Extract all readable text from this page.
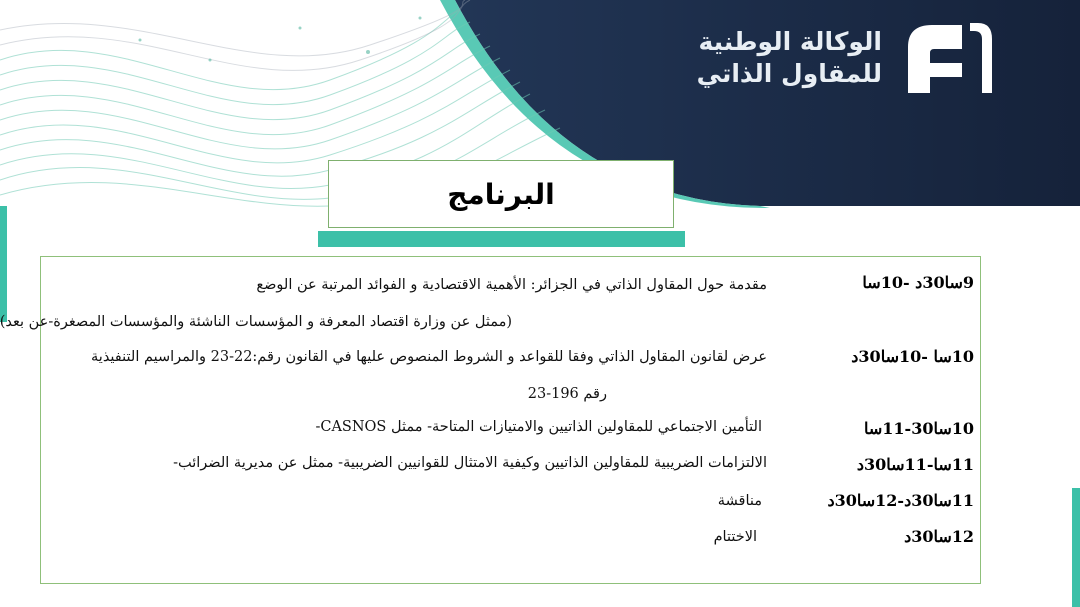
الوكالة الوطنية
للمقاول الذاتي
البرنامج
9سا30د -10سا
مقدمة حول المقاول الذاتي في الجزائر: الأهمية الاقتصادية و الفوائد المرتبة عن الوضع
(ممثل عن وزارة اقتصاد المعرفة و المؤسسات الناشئة والمؤسسات المصغرة-عن بعد)
10سا -10سا30د
عرض لقانون المقاول الذاتي وفقا للقواعد و الشروط المنصوص عليها في القانون رقم:22-23 والمراسيم التنفيذية
رقم 196-23
10سا30-11سا
التأمين الاجتماعي للمقاولين الذاتيين والامتيازات المتاحة- ممثل CASNOS-
11سا-11سا30د
الالتزامات الضريبية للمقاولين الذاتيين وكيفية الامتثال للقوانيين الضريبية- ممثل عن مديرية الضرائب-
11سا30د-12سا30د
مناقشة
12سا30د
الاختتام
